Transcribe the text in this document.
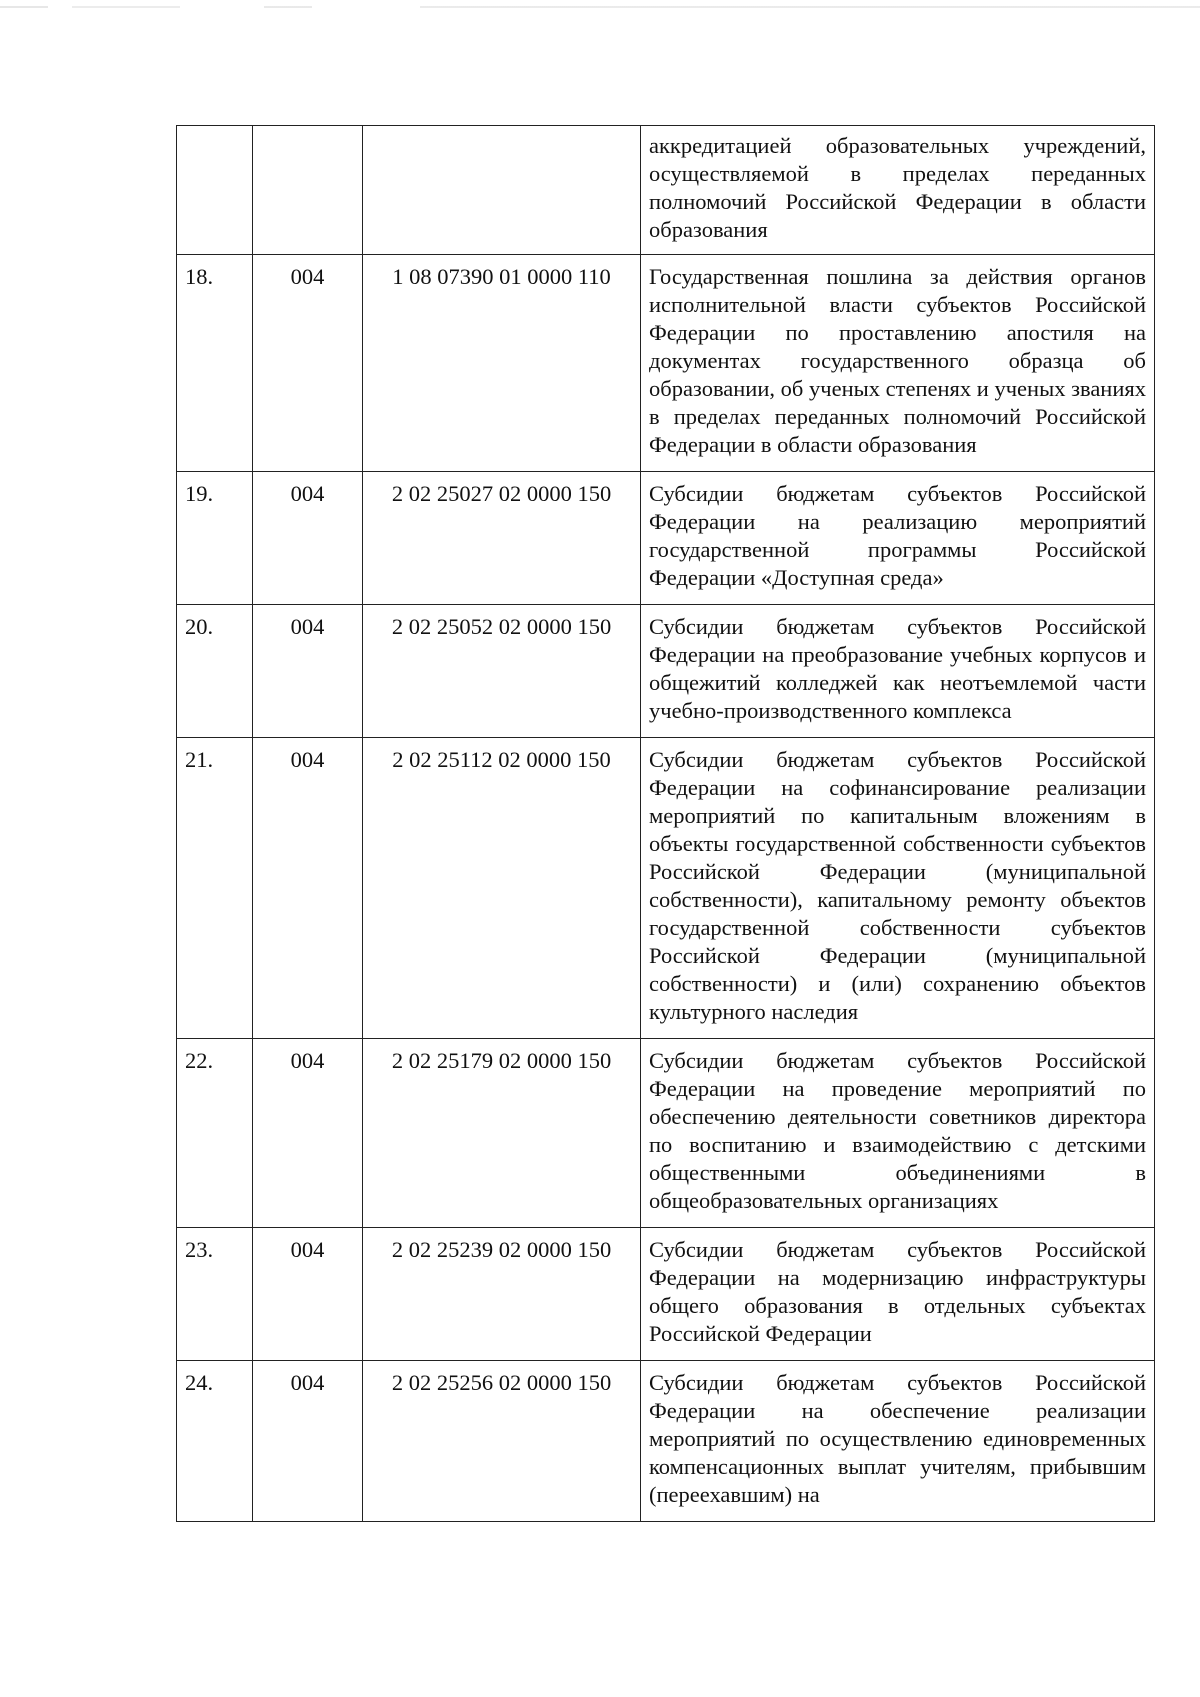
			аккредитацией образовательных учреждений, осуществляемой в пределах переданных полномочий Российской Федерации в области образования
18.	004	1 08 07390 01 0000 110	Государственная пошлина за действия органов исполнительной власти субъектов Российской Федерации по проставлению апостиля на документах государственного образца об образовании, об ученых степенях и ученых званиях в пределах переданных полномочий Российской Федерации в области образования
19.	004	2 02 25027 02 0000 150	Субсидии бюджетам субъектов Российской Федерации на реализацию мероприятий государственной программы Российской Федерации «Доступная среда»
20.	004	2 02 25052 02 0000 150	Субсидии бюджетам субъектов Российской Федерации на преобразование учебных корпусов и общежитий колледжей как неотъемлемой части учебно-производственного комплекса
21.	004	2 02 25112 02 0000 150	Субсидии бюджетам субъектов Российской Федерации на софинансирование реализации мероприятий по капитальным вложениям в объекты государственной собственности субъектов Российской Федерации (муниципальной собственности), капитальному ремонту объектов государственной собственности субъектов Российской Федерации (муниципальной собственности) и (или) сохранению объектов культурного наследия
22.	004	2 02 25179 02 0000 150	Субсидии бюджетам субъектов Российской Федерации на проведение мероприятий по обеспечению деятельности советников директора по воспитанию и взаимодействию с детскими общественными объединениями в общеобразовательных организациях
23.	004	2 02 25239 02 0000 150	Субсидии бюджетам субъектов Российской Федерации на модернизацию инфраструктуры общего образования в отдельных субъектах Российской Федерации
24.	004	2 02 25256 02 0000 150	Субсидии бюджетам субъектов Российской Федерации на обеспечение реализации мероприятий по осуществлению единовременных компенсационных выплат учителям, прибывшим (переехавшим) на
